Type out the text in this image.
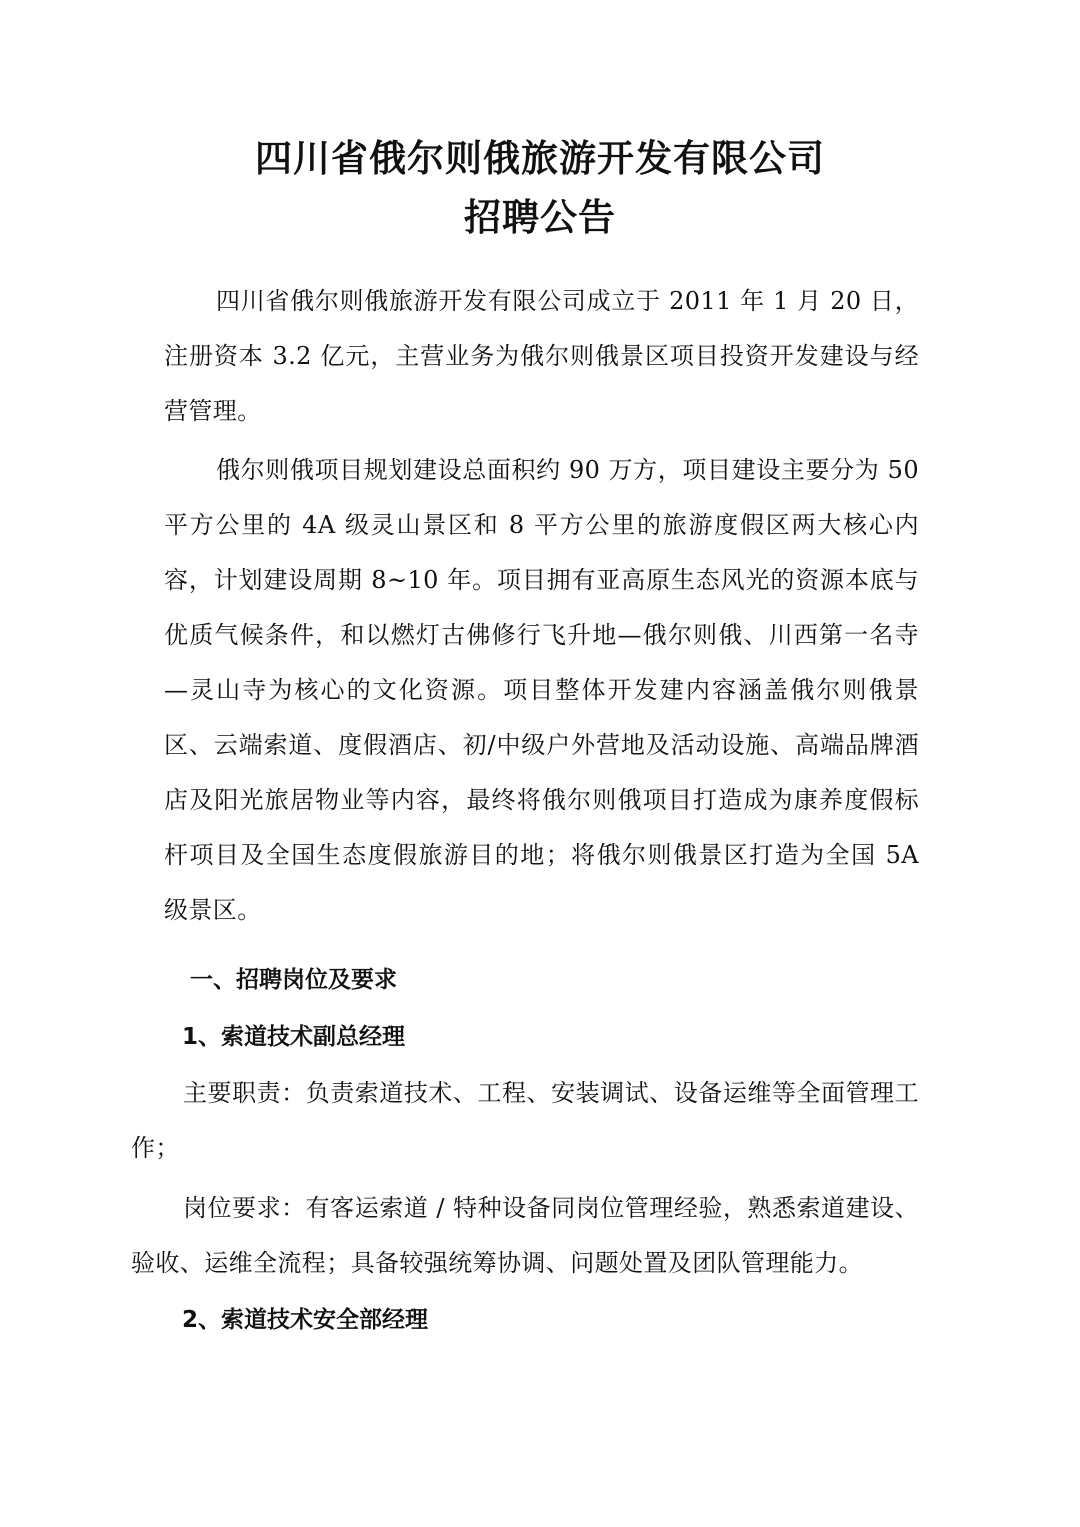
四川省俄尔则俄旅游开发有限公司
招聘公告

四川省俄尔则俄旅游开发有限公司成立于 2011 年 1 月 20 日，注册资本 3.2 亿元，主营业务为俄尔则俄景区项目投资开发建设与经营管理。

俄尔则俄项目规划建设总面积约 90 万方，项目建设主要分为 50 平方公里的 4A 级灵山景区和 8 平方公里的旅游度假区两大核心内容，计划建设周期 8~10 年。项目拥有亚高原生态风光的资源本底与优质气候条件，和以燃灯古佛修行飞升地—俄尔则俄、川西第一名寺—灵山寺为核心的文化资源。项目整体开发建内容涵盖俄尔则俄景区、云端索道、度假酒店、初/中级户外营地及活动设施、高端品牌酒店及阳光旅居物业等内容，最终将俄尔则俄项目打造成为康养度假标杆项目及全国生态度假旅游目的地；将俄尔则俄景区打造为全国 5A 级景区。

一、招聘岗位及要求
1、索道技术副总经理

主要职责：负责索道技术、工程、安装调试、设备运维等全面管理工作；

岗位要求：有客运索道 / 特种设备同岗位管理经验，熟悉索道建设、验收、运维全流程；具备较强统筹协调、问题处置及团队管理能力。

2、索道技术安全部经理
